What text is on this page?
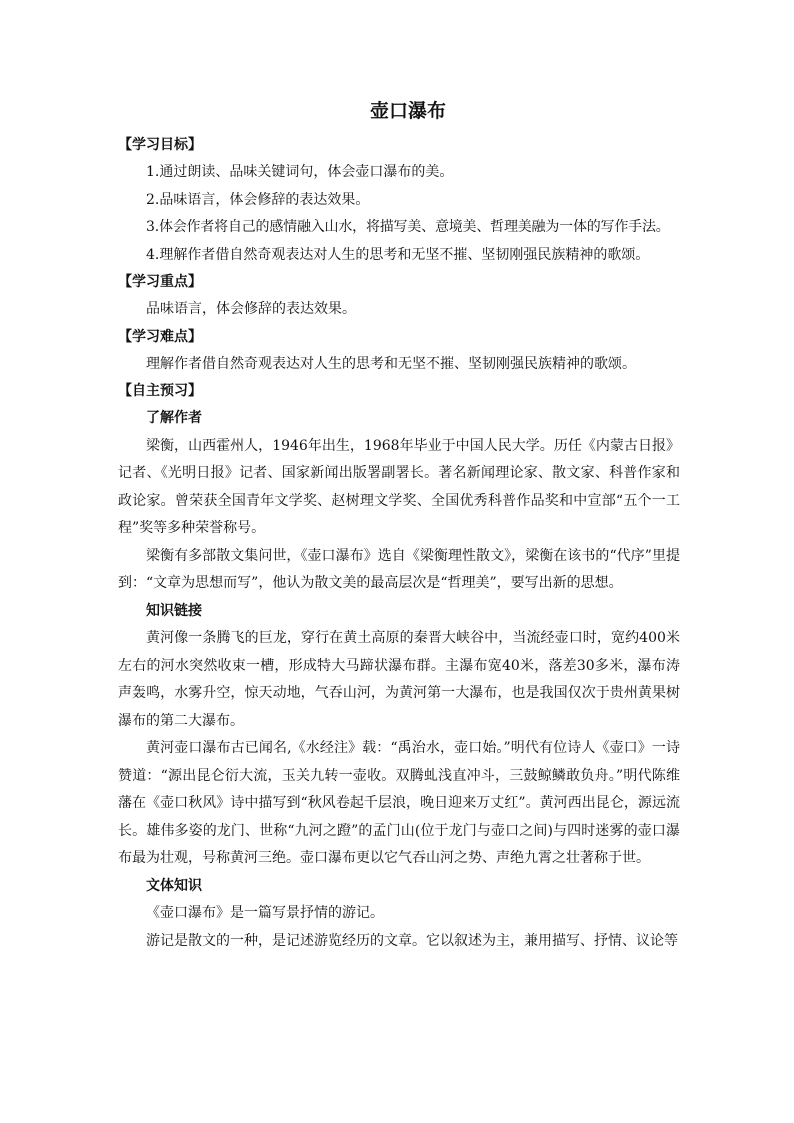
壶口瀑布

【学习目标】

1.通过朗读、品味关键词句，体会壶口瀑布的美。

2.品味语言，体会修辞的表达效果。

3.体会作者将自己的感情融入山水，将描写美、意境美、哲理美融为一体的写作手法。

4.理解作者借自然奇观表达对人生的思考和无坚不摧、坚韧刚强民族精神的歌颂。

【学习重点】

品味语言，体会修辞的表达效果。

【学习难点】

理解作者借自然奇观表达对人生的思考和无坚不摧、坚韧刚强民族精神的歌颂。

【自主预习】

了解作者

梁衡，山西霍州人，1946年出生，1968年毕业于中国人民大学。历任《内蒙古日报》记者、《光明日报》记者、国家新闻出版署副署长。著名新闻理论家、散文家、科普作家和政论家。曾荣获全国青年文学奖、赵树理文学奖、全国优秀科普作品奖和中宣部“五个一工程”奖等多种荣誉称号。

梁衡有多部散文集问世，《壶口瀑布》选自《梁衡理性散文》，梁衡在该书的“代序”里提到：“文章为思想而写”，他认为散文美的最高层次是“哲理美”，要写出新的思想。

知识链接

黄河像一条腾飞的巨龙，穿行在黄土高原的秦晋大峡谷中，当流经壶口时，宽约400米左右的河水突然收束一槽，形成特大马蹄状瀑布群。主瀑布宽40米，落差30多米，瀑布涛声轰鸣，水雾升空，惊天动地，气吞山河，为黄河第一大瀑布，也是我国仅次于贵州黄果树瀑布的第二大瀑布。

黄河壶口瀑布古已闻名,《水经注》载：“禹治水，壶口始。”明代有位诗人《壶口》一诗赞道：“源出昆仑衍大流，玉关九转一壶收。双腾虬浅直冲斗，三鼓鲸鳞敢负舟。”明代陈维藩在《壶口秋风》诗中描写到“秋风卷起千层浪，晚日迎来万丈红”。黄河西出昆仑，源远流长。雄伟多姿的龙门、世称“九河之蹬”的孟门山(位于龙门与壶口之间)与四时迷雾的壶口瀑布最为壮观，号称黄河三绝。壶口瀑布更以它气吞山河之势、声绝九霄之壮著称于世。

文体知识

《壶口瀑布》是一篇写景抒情的游记。

游记是散文的一种，是记述游览经历的文章。它以叙述为主，兼用描写、抒情、议论等
